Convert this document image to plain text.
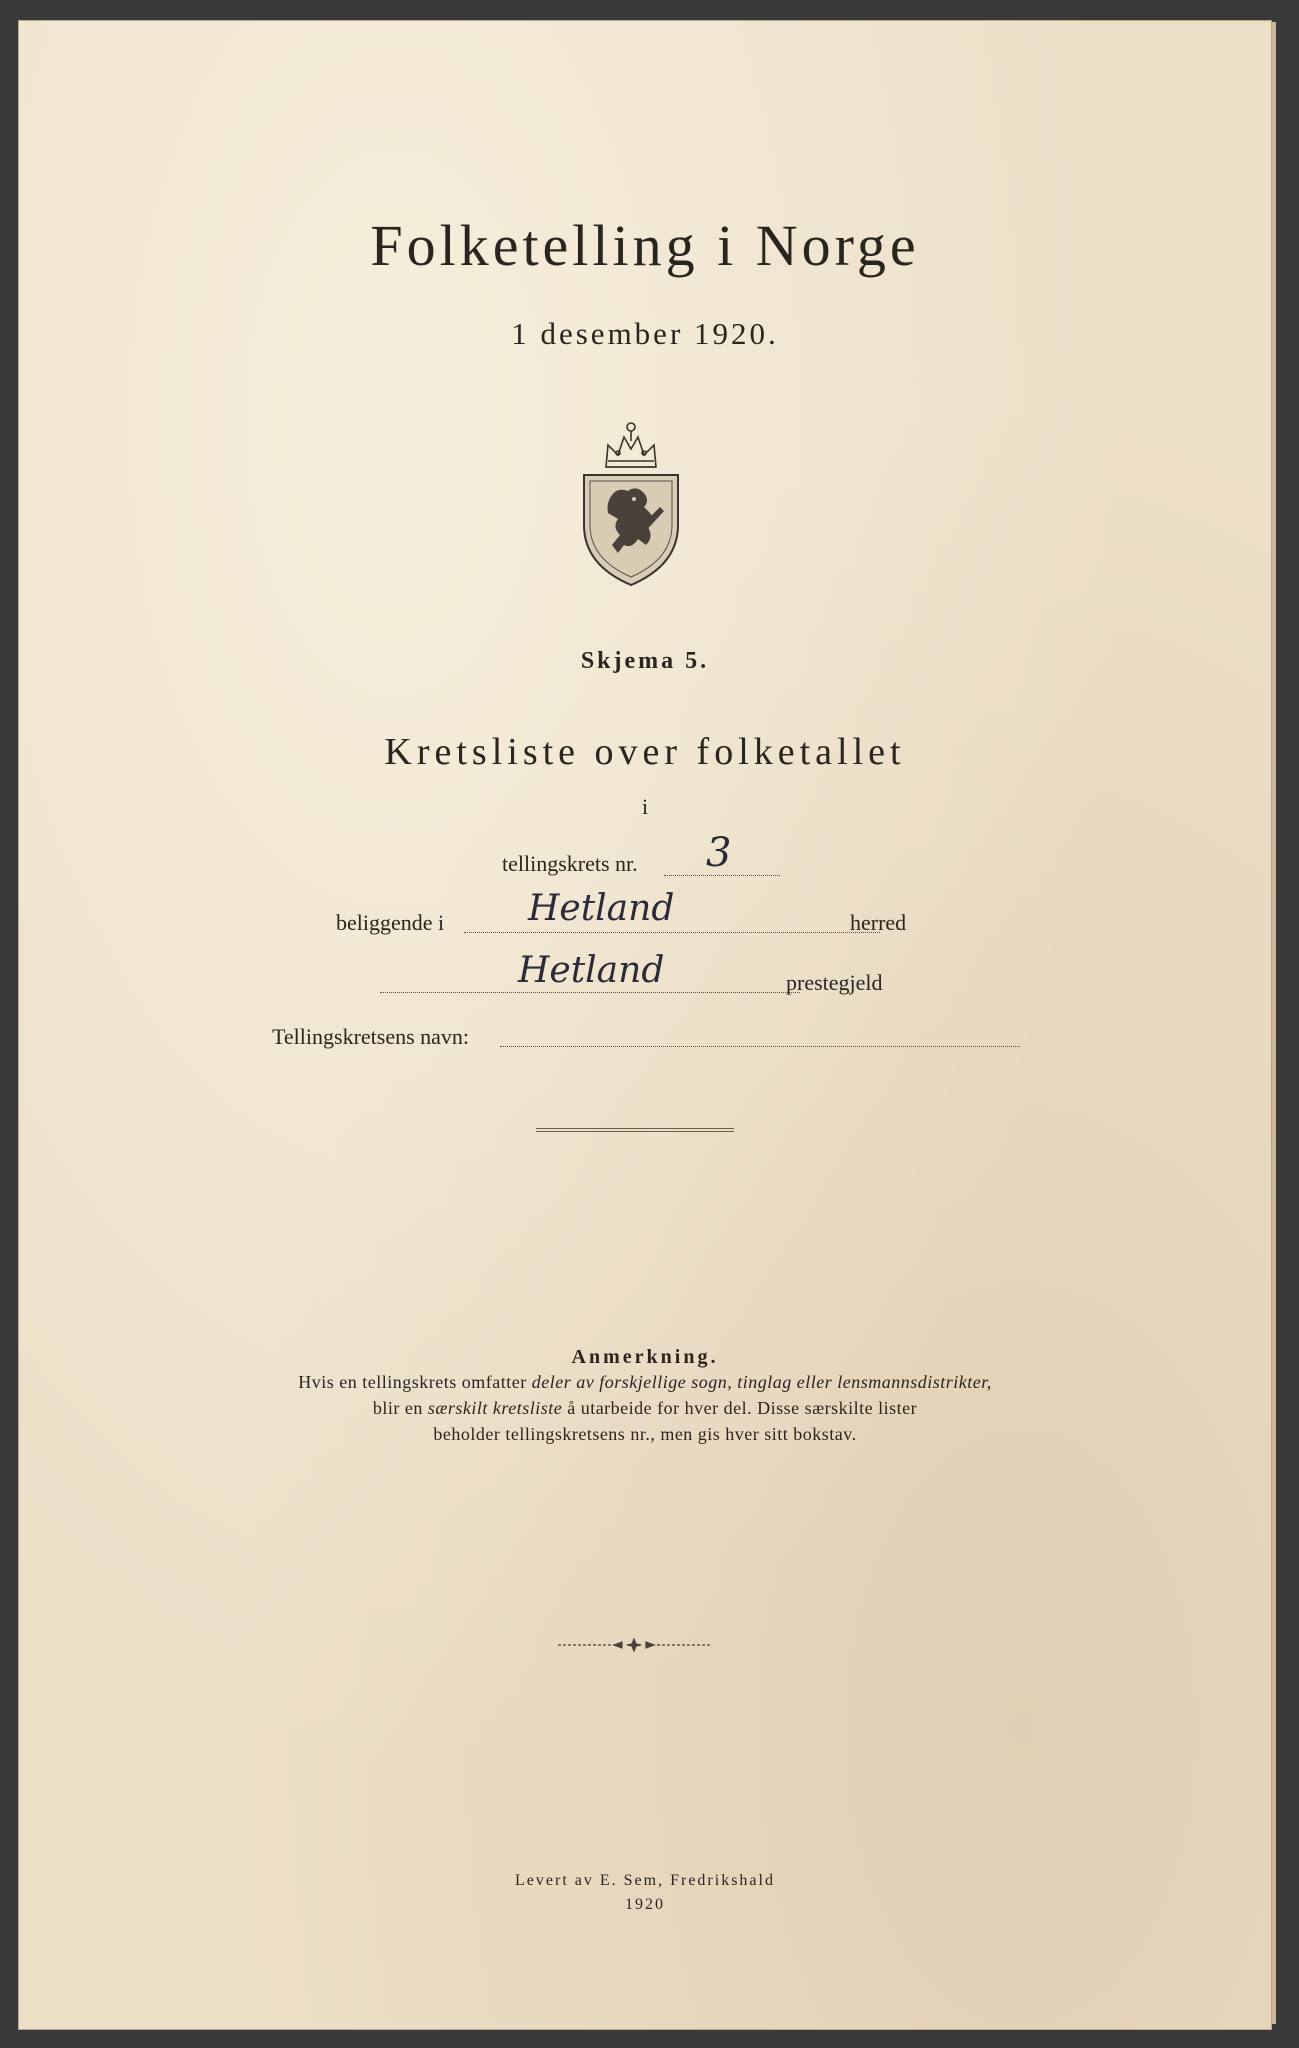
Folketelling i Norge
1 desember 1920.
Skjema 5.
Kretsliste over folketallet
i
tellingskrets nr. 3
beliggende i Hetland	herred
Hetland	prestegjeld
Tellingskretsens navn:
Anmerkning.
Hvis en tellingskrets omfatter deler av forskjellige sogn, tinglag eller lensmannsdistrikter,
blir en særskilt kretsliste å utarbeide for hver del. Disse særskilte lister
beholder tellingskretsens nr., men gis hver sitt bokstav.
Levert av E. Sem, Fredrikshald
1920
